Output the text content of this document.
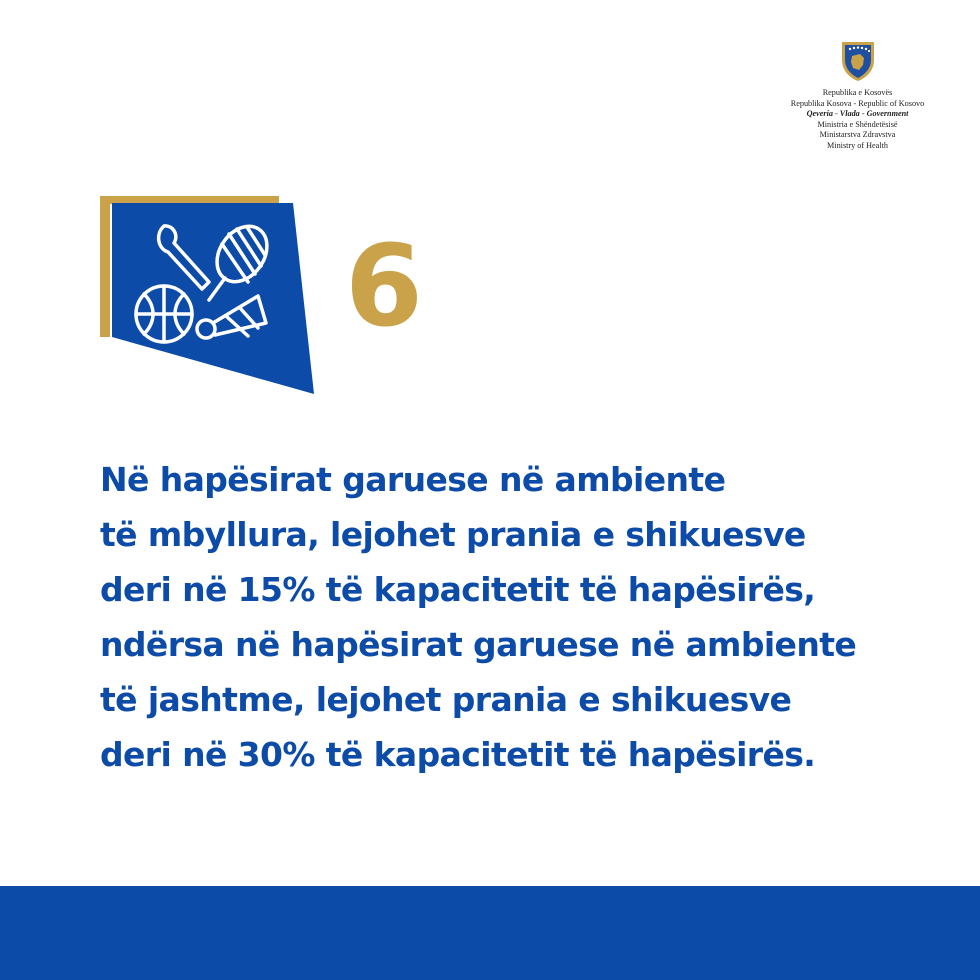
Republika e Kosovës
Republika Kosova - Republic of Kosovo
Qeveria - Vlada - Government
Ministria e Shëndetësisë
Ministarstva Zdravstva
Ministry of Health
6
Në hapësirat garuese në ambiente
të mbyllura, lejohet prania e shikuesve
deri në 15% të kapacitetit të hapësirës,
ndërsa në hapësirat garuese në ambiente
të jashtme, lejohet prania e shikuesve
deri në 30% të kapacitetit të hapësirës.
